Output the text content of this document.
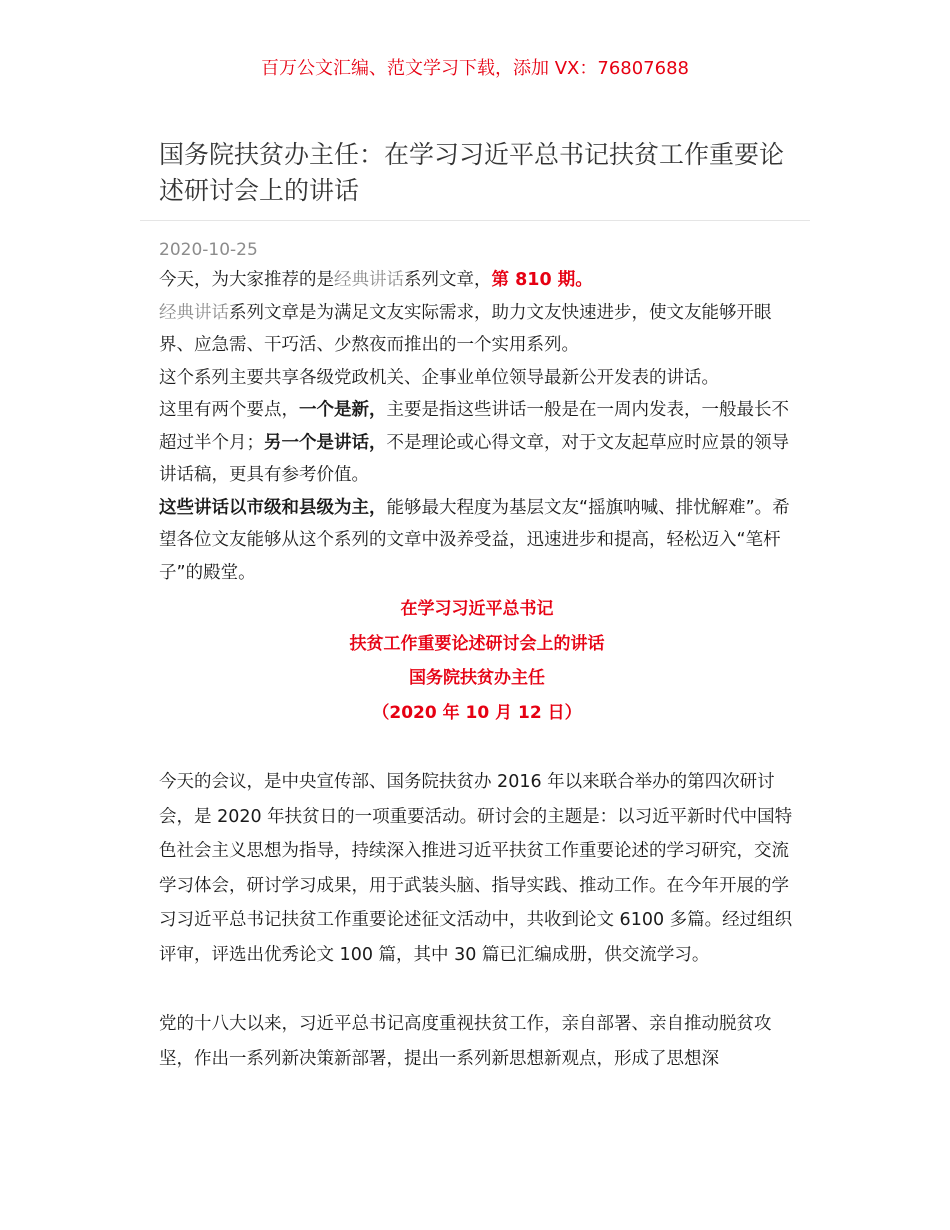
百万公文汇编、范文学习下载，添加 VX：76807688
国务院扶贫办主任：在学习习近平总书记扶贫工作重要论述研讨会上的讲话
2020-10-25

今天，为大家推荐的是经典讲话系列文章，第 810 期。

经典讲话系列文章是为满足文友实际需求，助力文友快速进步，使文友能够开眼界、应急需、干巧活、少熬夜而推出的一个实用系列。

这个系列主要共享各级党政机关、企事业单位领导最新公开发表的讲话。

这里有两个要点，一个是新，主要是指这些讲话一般是在一周内发表，一般最长不超过半个月；另一个是讲话，不是理论或心得文章，对于文友起草应时应景的领导讲话稿，更具有参考价值。

这些讲话以市级和县级为主，能够最大程度为基层文友“摇旗呐喊、排忧解难”。希望各位文友能够从这个系列的文章中汲养受益，迅速进步和提高，轻松迈入“笔杆子”的殿堂。

在学习习近平总书记
扶贫工作重要论述研讨会上的讲话
国务院扶贫办主任
（2020 年 10 月 12 日）

今天的会议，是中央宣传部、国务院扶贫办 2016 年以来联合举办的第四次研讨会，是 2020 年扶贫日的一项重要活动。研讨会的主题是：以习近平新时代中国特色社会主义思想为指导，持续深入推进习近平扶贫工作重要论述的学习研究，交流学习体会，研讨学习成果，用于武装头脑、指导实践、推动工作。在今年开展的学习习近平总书记扶贫工作重要论述征文活动中，共收到论文 6100 多篇。经过组织评审，评选出优秀论文 100 篇，其中 30 篇已汇编成册，供交流学习。

党的十八大以来，习近平总书记高度重视扶贫工作，亲自部署、亲自推动脱贫攻坚，作出一系列新决策新部署，提出一系列新思想新观点，形成了思想深
